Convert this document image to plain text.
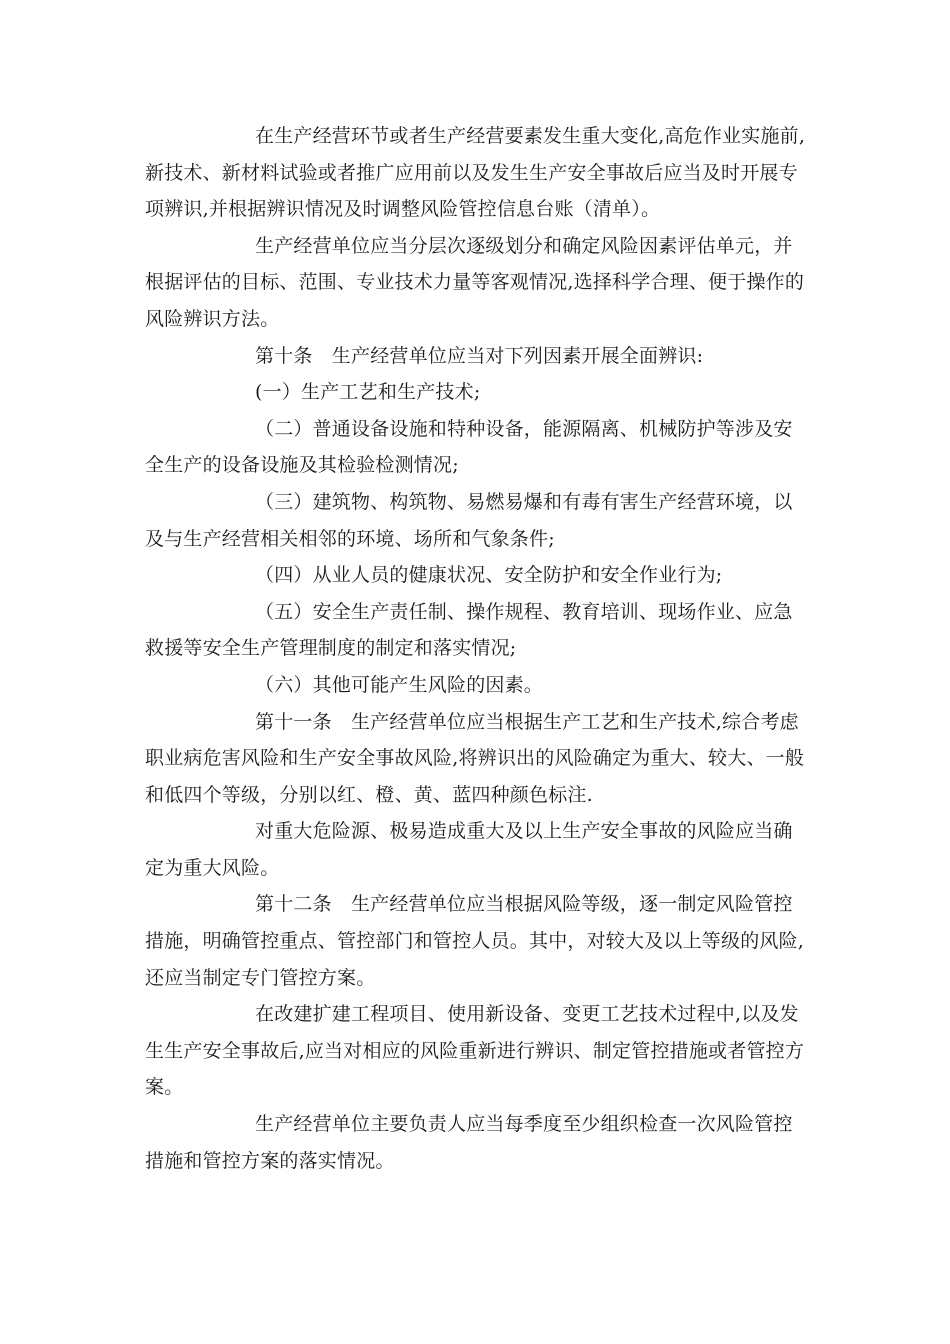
在生产经营环节或者生产经营要素发生重大变化,高危作业实施前,
新技术、新材料试验或者推广应用前以及发生生产安全事故后应当及时开展专
项辨识,并根据辨识情况及时调整风险管控信息台账（清单）。
生产经营单位应当分层次逐级划分和确定风险因素评估单元，并
根据评估的目标、范围、专业技术力量等客观情况,选择科学合理、便于操作的
风险辨识方法。
第十条　生产经营单位应当对下列因素开展全面辨识:
(一）生产工艺和生产技术;
（二）普通设备设施和特种设备，能源隔离、机械防护等涉及安
全生产的设备设施及其检验检测情况;
（三）建筑物、构筑物、易燃易爆和有毒有害生产经营环境，以
及与生产经营相关相邻的环境、场所和气象条件;
（四）从业人员的健康状况、安全防护和安全作业行为;
（五）安全生产责任制、操作规程、教育培训、现场作业、应急
救援等安全生产管理制度的制定和落实情况;
（六）其他可能产生风险的因素。
第十一条　生产经营单位应当根据生产工艺和生产技术,综合考虑
职业病危害风险和生产安全事故风险,将辨识出的风险确定为重大、较大、一般
和低四个等级，分别以红、橙、黄、蓝四种颜色标注.
对重大危险源、极易造成重大及以上生产安全事故的风险应当确
定为重大风险。
第十二条　生产经营单位应当根据风险等级，逐一制定风险管控
措施，明确管控重点、管控部门和管控人员。其中，对较大及以上等级的风险,
还应当制定专门管控方案。
在改建扩建工程项目、使用新设备、变更工艺技术过程中,以及发
生生产安全事故后,应当对相应的风险重新进行辨识、制定管控措施或者管控方
案。
生产经营单位主要负责人应当每季度至少组织检查一次风险管控
措施和管控方案的落实情况。
